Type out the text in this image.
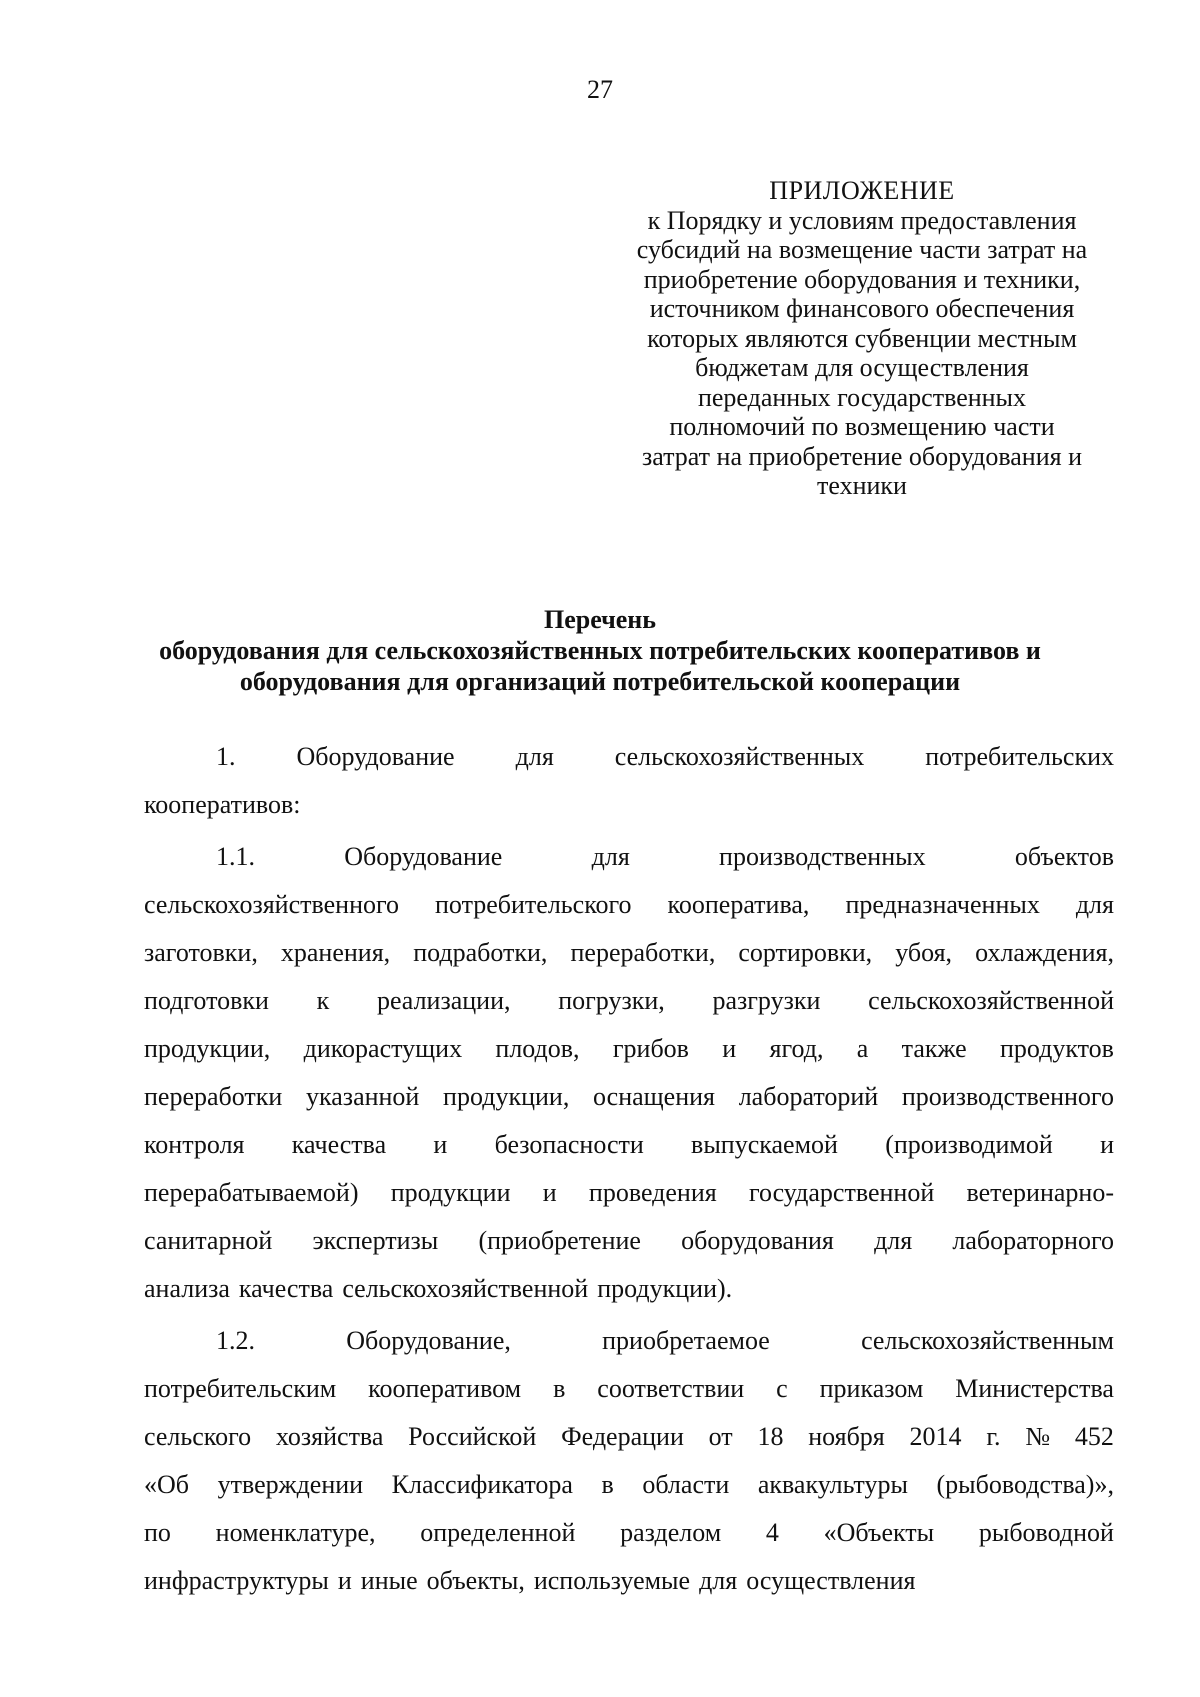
27
ПРИЛОЖЕНИЕ
к Порядку и условиям предоставления
субсидий на возмещение части затрат на
приобретение оборудования и техники,
источником финансового обеспечения
которых являются субвенции местным
бюджетам для осуществления
переданных государственных
полномочий по возмещению части
затрат на приобретение оборудования и
техники
Перечень
оборудования для сельскохозяйственных потребительских кооперативов и
оборудования для организаций потребительской кооперации
1. Оборудование для сельскохозяйственных потребительских
кооперативов:
1.1.	Оборудование	для	производственных	объектов
сельскохозяйственного потребительского кооператива, предназначенных для
заготовки, хранения, подработки, переработки, сортировки, убоя, охлаждения,
подготовки к реализации, погрузки, разгрузки сельскохозяйственной
продукции, дикорастущих плодов, грибов и ягод, а также продуктов
переработки указанной продукции, оснащения лабораторий производственного
контроля качества и безопасности выпускаемой (производимой и
перерабатываемой) продукции и проведения государственной ветеринарно-
санитарной экспертизы (приобретение оборудования для лабораторного
анализа качества сельскохозяйственной продукции).
1.2.	Оборудование,	приобретаемое	сельскохозяйственным
потребительским кооперативом в соответствии с приказом Министерства
сельского хозяйства Российской Федерации от 18 ноября 2014 г. № 452
«Об утверждении Классификатора в области аквакультуры (рыбоводства)»,
по номенклатуре, определенной разделом 4 «Объекты рыбоводной
инфраструктуры и иные объекты, используемые для осуществления
